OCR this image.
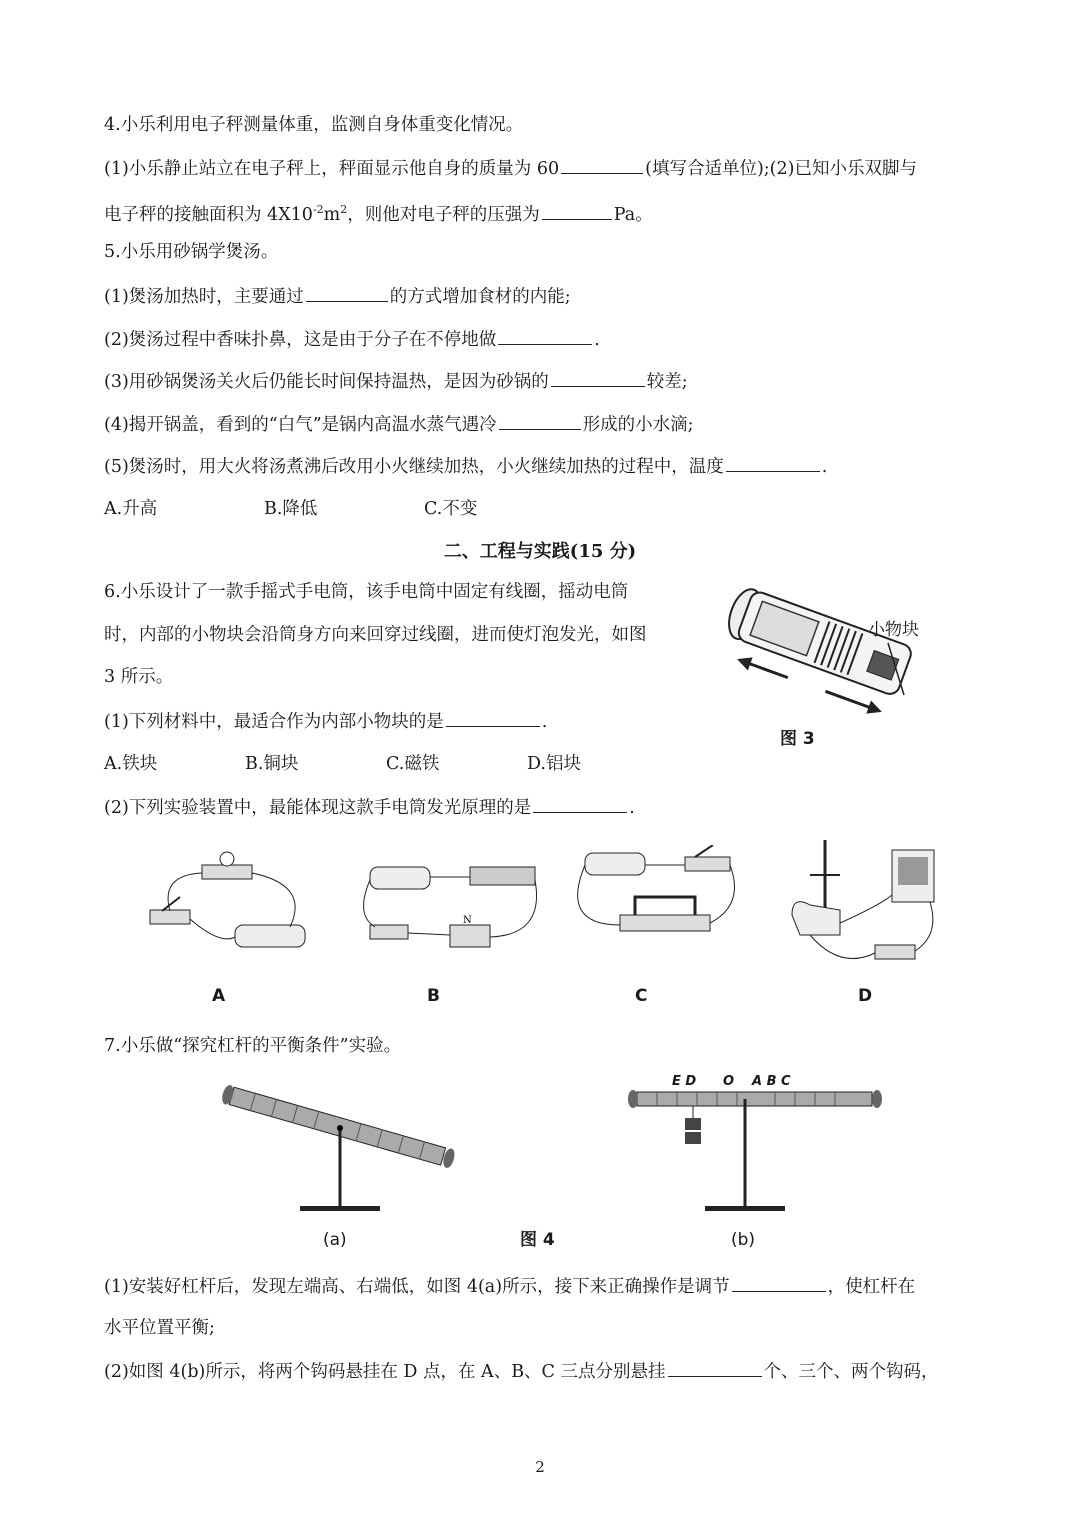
4.小乐利用电子秤测量体重，监测自身体重变化情况。
(1)小乐静止站立在电子秤上，秤面显示他自身的质量为 60	(填写合适单位);(2)已知小乐双脚与
电子秤的接触面积为 $4X10^{-2}m^2$，则他对电子秤的压强为	Pa。
5.小乐用砂锅学煲汤。
(1)煲汤加热时，主要通过	的方式增加食材的内能;
(2)煲汤过程中香味扑鼻，这是由于分子在不停地做	.
(3)用砂锅煲汤关火后仍能长时间保持温热，是因为砂锅的	较差;
(4)揭开锅盖，看到的“白气”是锅内高温水蒸气遇冷	形成的小水滴;
(5)煲汤时，用大火将汤煮沸后改用小火继续加热，小火继续加热的过程中，温度	.
A.升高	B.降低	C.不变
二、工程与实践(15 分)
6.小乐设计了一款手摇式手电筒，该手电筒中固定有线圈，摇动电筒
时，内部的小物块会沿筒身方向来回穿过线圈，进而使灯泡发光，如图
3 所示。
(1)下列材料中，最适合作为内部小物块的是	.
A.铁块	B.铜块	C.磁铁	D.铝块
(2)下列实验装置中，最能体现这款手电筒发光原理的是	.
小物块
图 3
N
A	B	C	D
7.小乐做“探究杠杆的平衡条件”实验。
E D O A B C
(a)	图 4	(b)
(1)安装好杠杆后，发现左端高、右端低，如图 4(a)所示，接下来正确操作是调节	，使杠杆在
水平位置平衡;
(2)如图 4(b)所示，将两个钩码悬挂在 D 点，在 A、B、C 三点分别悬挂	个、三个、两个钩码，
2
